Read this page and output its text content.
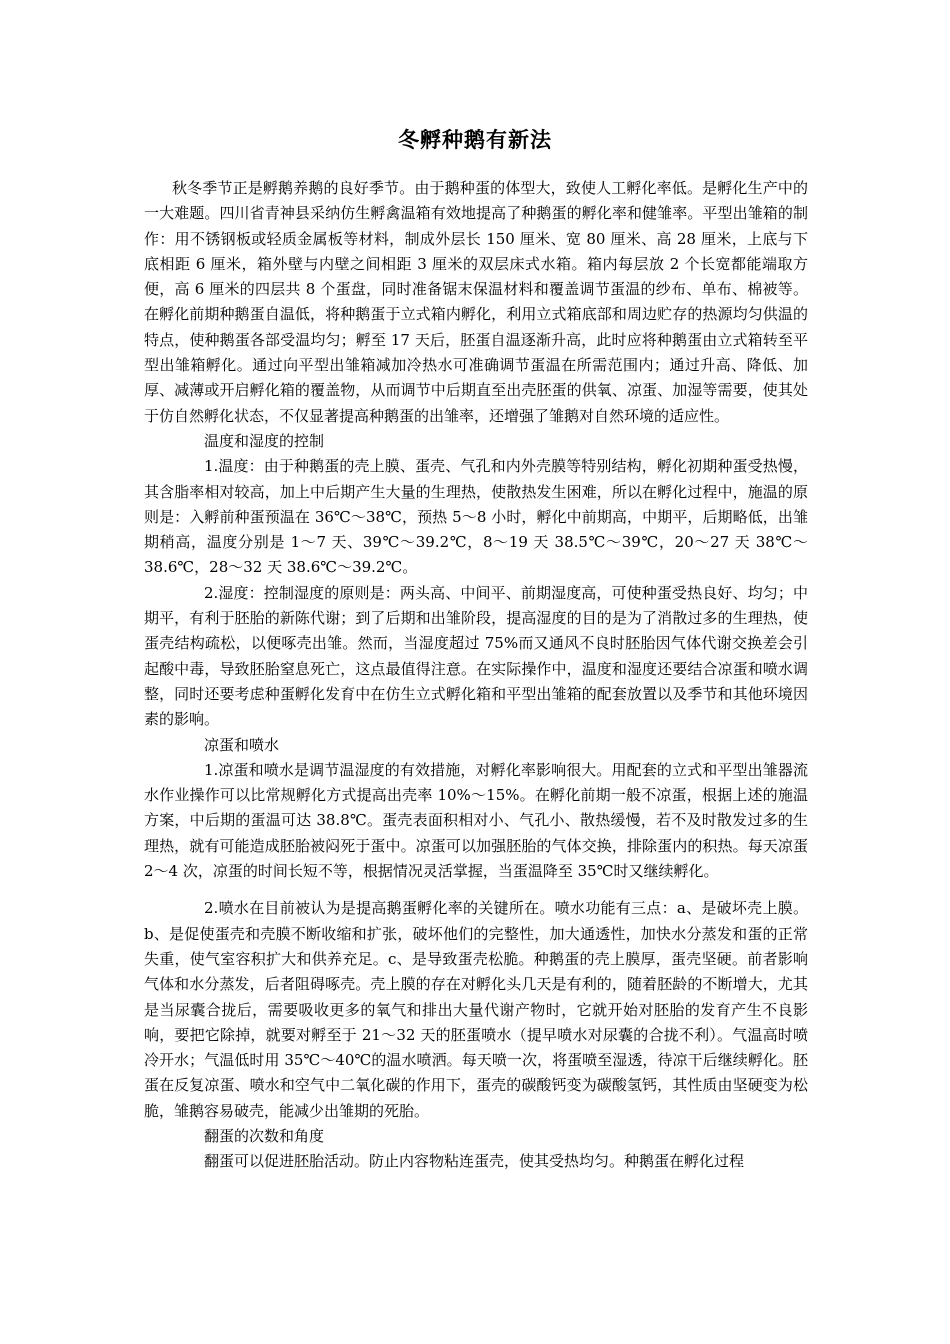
冬孵种鹅有新法

秋冬季节正是孵鹅养鹅的良好季节。由于鹅种蛋的体型大，致使人工孵化率低。是孵化生产中的一大难题。四川省青神县采纳仿生孵禽温箱有效地提高了种鹅蛋的孵化率和健雏率。平型出雏箱的制作：用不锈钢板或轻质金属板等材料，制成外层长 150 厘米、宽 80 厘米、高 28 厘米，上底与下底相距 6 厘米，箱外壁与内壁之间相距 3 厘米的双层床式水箱。箱内每层放 2 个长宽都能端取方便，高 6 厘米的四层共 8 个蛋盘，同时准备锯末保温材料和覆盖调节蛋温的纱布、单布、棉被等。在孵化前期种鹅蛋自温低，将种鹅蛋于立式箱内孵化，利用立式箱底部和周边贮存的热源均匀供温的特点，使种鹅蛋各部受温均匀；孵至 17 天后，胚蛋自温逐渐升高，此时应将种鹅蛋由立式箱转至平型出雏箱孵化。通过向平型出雏箱减加冷热水可准确调节蛋温在所需范围内；通过升高、降低、加厚、减薄或开启孵化箱的覆盖物，从而调节中后期直至出壳胚蛋的供氧、凉蛋、加湿等需要，使其处于仿自然孵化状态，不仅显著提高种鹅蛋的出雏率，还增强了雏鹅对自然环境的适应性。

温度和湿度的控制

1.温度：由于种鹅蛋的壳上膜、蛋壳、气孔和内外壳膜等特别结构，孵化初期种蛋受热慢，其含脂率相对较高，加上中后期产生大量的生理热，使散热发生困难，所以在孵化过程中，施温的原则是：入孵前种蛋预温在 36℃～38℃，预热 5～8 小时，孵化中前期高，中期平，后期略低，出雏期稍高，温度分别是 1～7 天、39℃～39.2℃，8～19 天 38.5℃～39℃，20～27 天 38℃～38.6℃，28～32 天 38.6℃～39.2℃。

2.湿度：控制湿度的原则是：两头高、中间平、前期湿度高，可使种蛋受热良好、均匀；中期平，有利于胚胎的新陈代谢；到了后期和出雏阶段，提高湿度的目的是为了消散过多的生理热，使蛋壳结构疏松，以便啄壳出雏。然而，当湿度超过 75%而又通风不良时胚胎因气体代谢交换差会引起酸中毒，导致胚胎窒息死亡，这点最值得注意。在实际操作中，温度和湿度还要结合凉蛋和喷水调整，同时还要考虑种蛋孵化发育中在仿生立式孵化箱和平型出雏箱的配套放置以及季节和其他环境因素的影响。

凉蛋和喷水

1.凉蛋和喷水是调节温湿度的有效措施，对孵化率影响很大。用配套的立式和平型出雏器流水作业操作可以比常规孵化方式提高出壳率 10%～15%。在孵化前期一般不凉蛋，根据上述的施温方案，中后期的蛋温可达 38.8℃。蛋壳表面积相对小、气孔小、散热缓慢，若不及时散发过多的生理热，就有可能造成胚胎被闷死于蛋中。凉蛋可以加强胚胎的气体交换，排除蛋内的积热。每天凉蛋 2～4 次，凉蛋的时间长短不等，根据情况灵活掌握，当蛋温降至 35℃时又继续孵化。

2.喷水在目前被认为是提高鹅蛋孵化率的关键所在。喷水功能有三点：a、是破坏壳上膜。b、是促使蛋壳和壳膜不断收缩和扩张，破坏他们的完整性，加大通透性，加快水分蒸发和蛋的正常失重，使气室容积扩大和供养充足。c、是导致蛋壳松脆。种鹅蛋的壳上膜厚，蛋壳坚硬。前者影响气体和水分蒸发，后者阻碍啄壳。壳上膜的存在对孵化头几天是有利的，随着胚龄的不断增大，尤其是当尿囊合拢后，需要吸收更多的氧气和排出大量代谢产物时，它就开始对胚胎的发育产生不良影响，要把它除掉，就要对孵至于 21～32 天的胚蛋喷水（提早喷水对尿囊的合拢不利）。气温高时喷冷开水；气温低时用 35℃～40℃的温水喷洒。每天喷一次，将蛋喷至湿透，待凉干后继续孵化。胚蛋在反复凉蛋、喷水和空气中二氧化碳的作用下，蛋壳的碳酸钙变为碳酸氢钙，其性质由坚硬变为松脆，雏鹅容易破壳，能减少出雏期的死胎。

翻蛋的次数和角度

翻蛋可以促进胚胎活动。防止内容物粘连蛋壳，使其受热均匀。种鹅蛋在孵化过程
